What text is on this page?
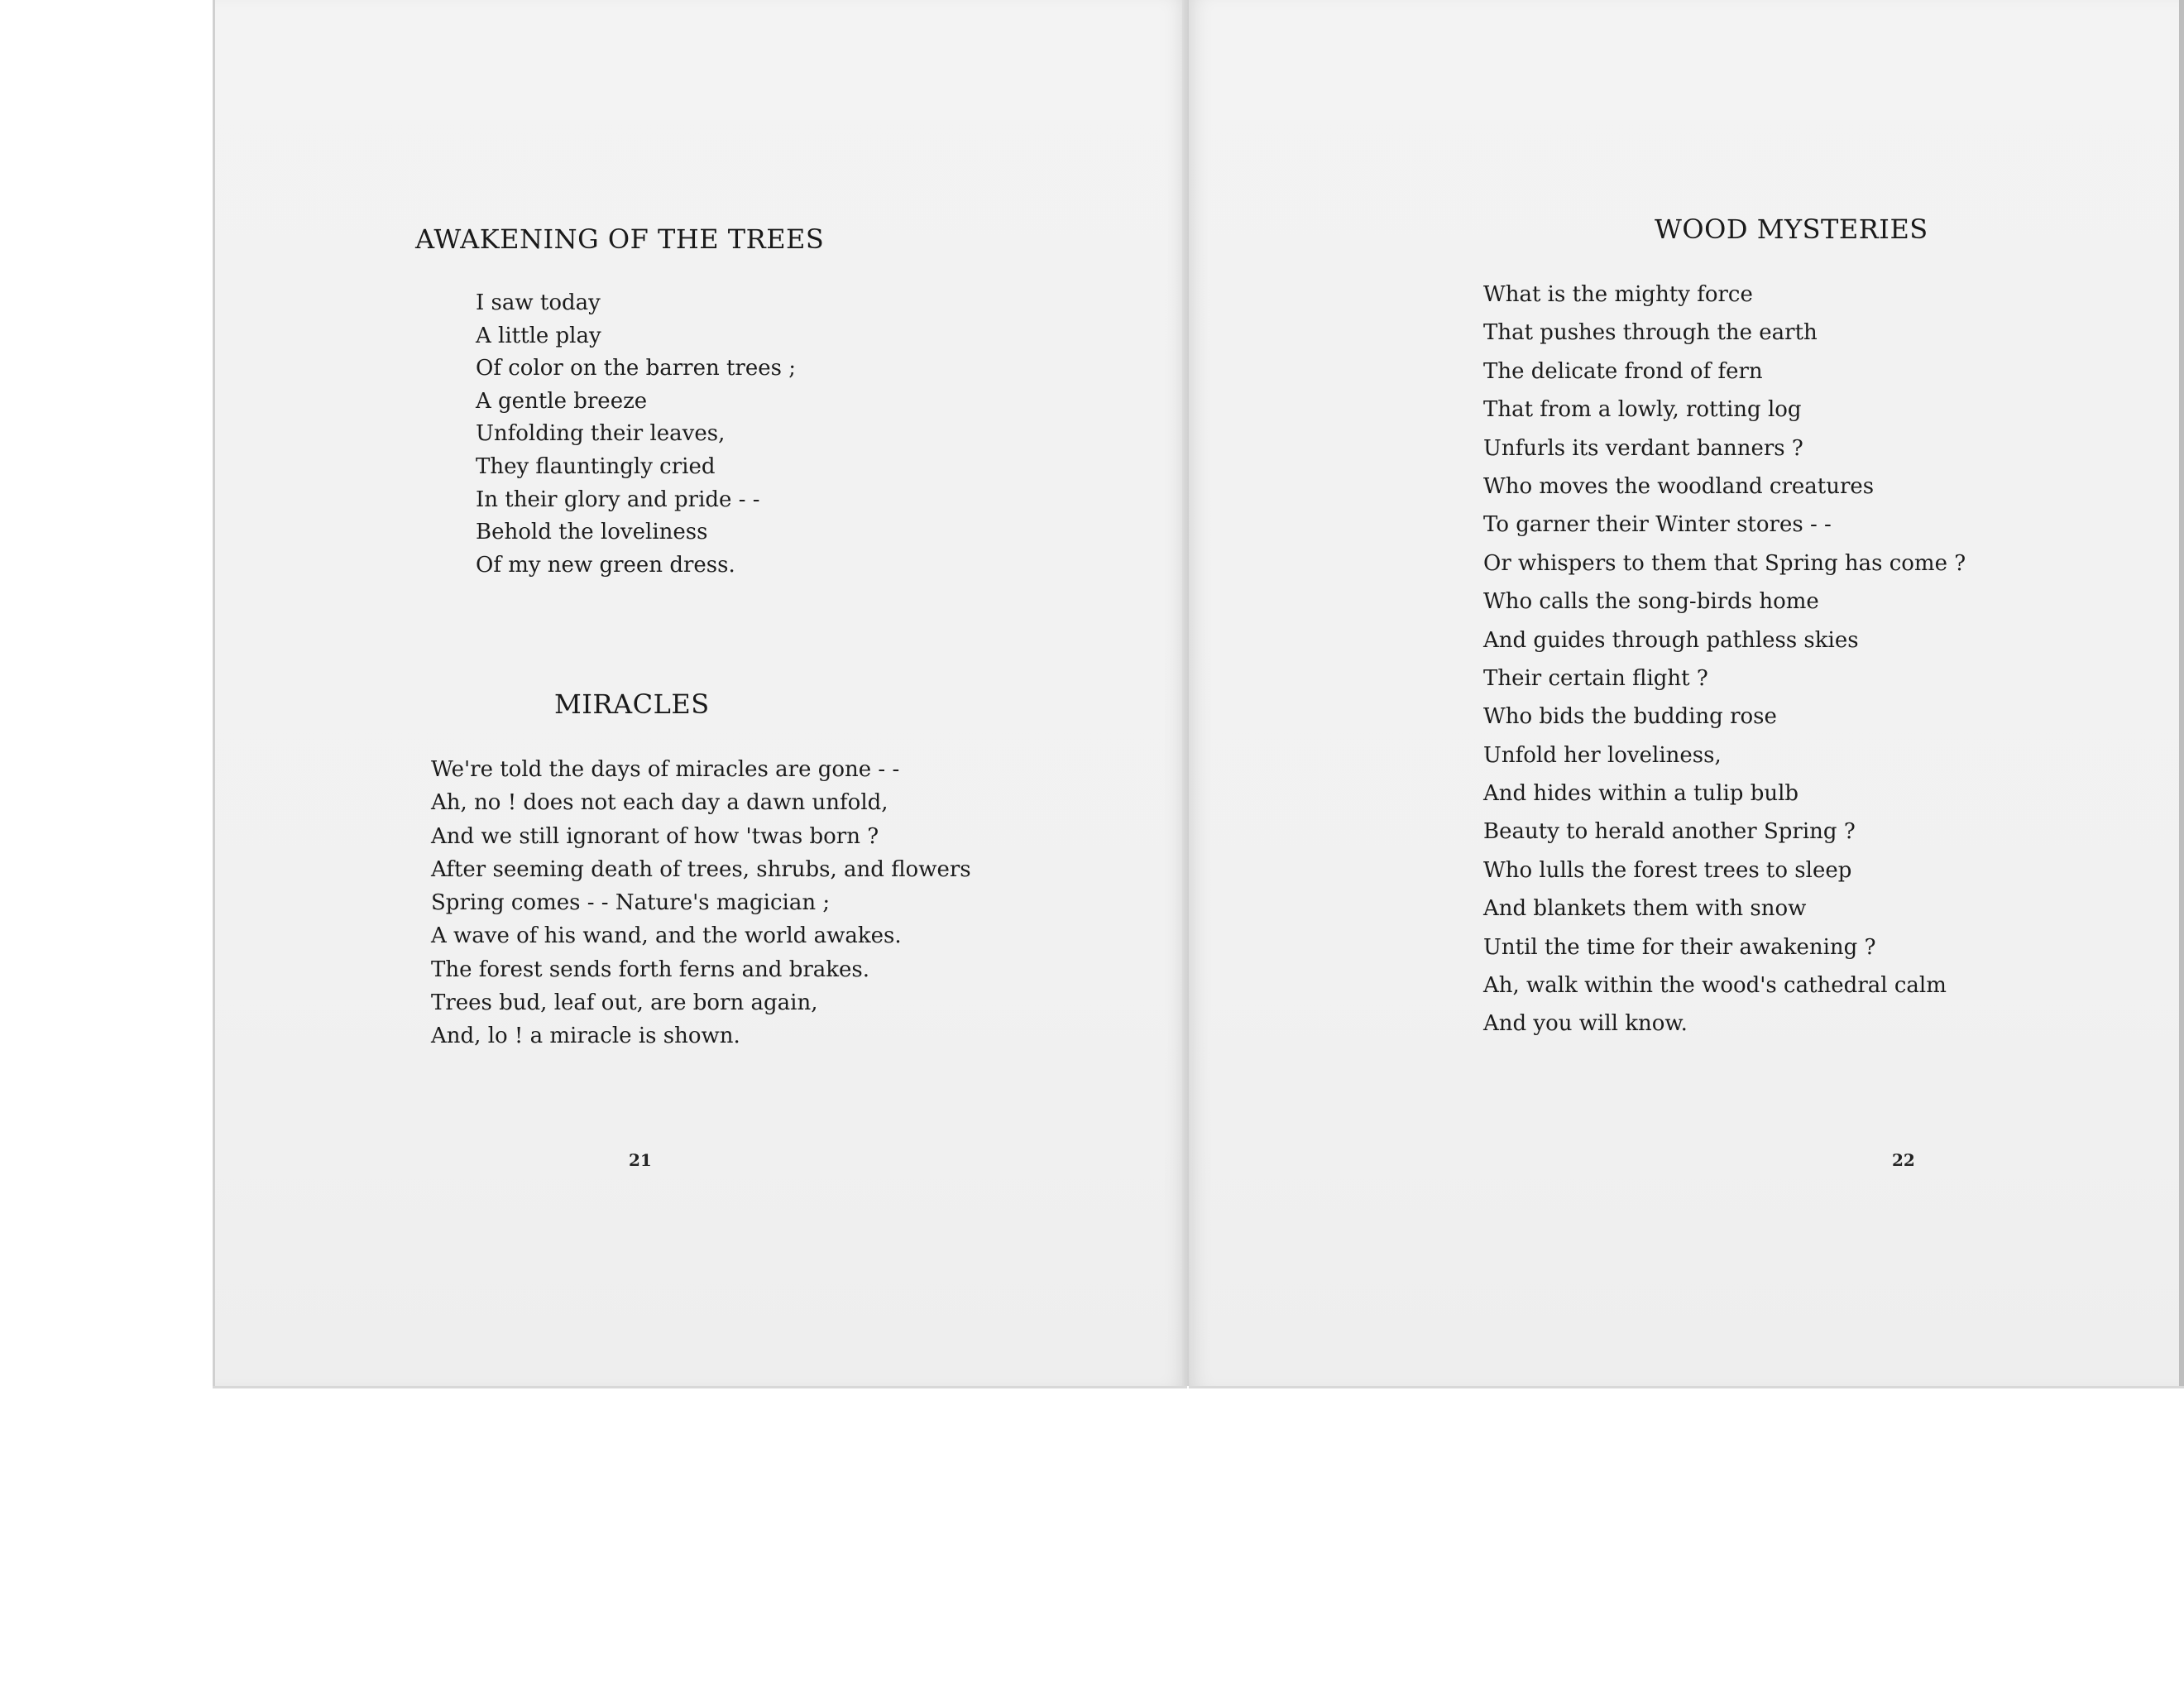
AWAKENING OF THE TREES
I saw today
A little play
Of color on the barren trees ;
A gentle breeze
Unfolding their leaves,
They flauntingly cried
In their glory and pride - -
Behold the loveliness
Of my new green dress.
MIRACLES
We're told the days of miracles are gone - -
Ah, no ! does not each day a dawn unfold,
And we still ignorant of how 'twas born ?
After seeming death of trees, shrubs, and flowers
Spring comes - - Nature's magician ;
A wave of his wand, and the world awakes.
The forest sends forth ferns and brakes.
Trees bud, leaf out, are born again,
And, lo ! a miracle is shown.

21

WOOD MYSTERIES
What is the mighty force
That pushes through the earth
The delicate frond of fern
That from a lowly, rotting log
Unfurls its verdant banners ?
Who moves the woodland creatures
To garner their Winter stores - -
Or whispers to them that Spring has come ?
Who calls the song-birds home
And guides through pathless skies
Their certain flight ?
Who bids the budding rose
Unfold her loveliness,
And hides within a tulip bulb
Beauty to herald another Spring ?
Who lulls the forest trees to sleep
And blankets them with snow
Until the time for their awakening ?
Ah, walk within the wood's cathedral calm
And you will know.

22
